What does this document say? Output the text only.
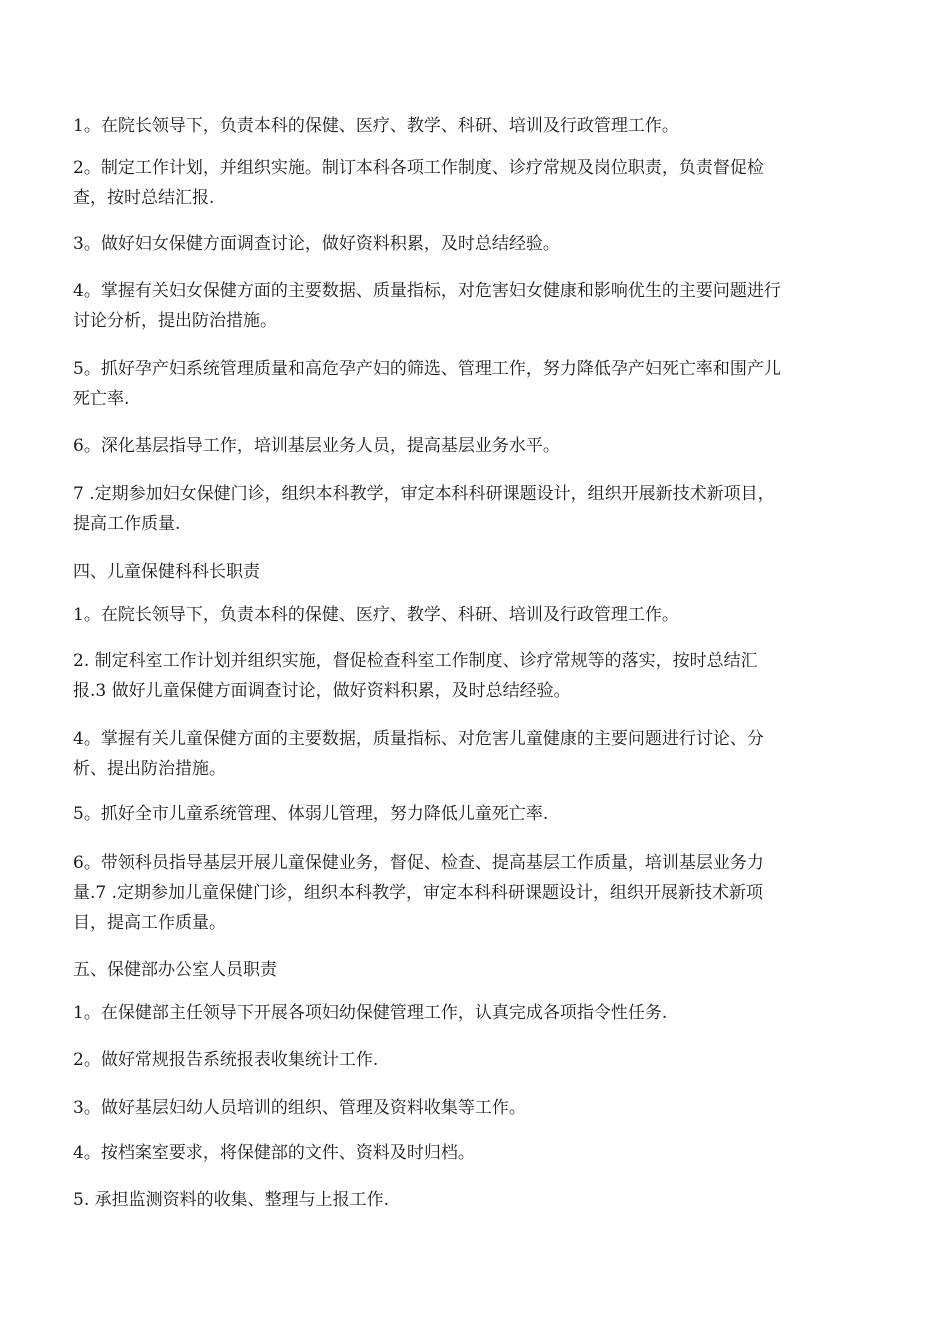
1。在院长领导下，负责本科的保健、医疗、教学、科研、培训及行政管理工作。

2。制定工作计划，并组织实施。制订本科各项工作制度、诊疗常规及岗位职责，负责督促检
查，按时总结汇报.

3。做好妇女保健方面调查讨论，做好资料积累，及时总结经验。

4。掌握有关妇女保健方面的主要数据、质量指标，对危害妇女健康和影响优生的主要问题进行
讨论分析，提出防治措施。

5。抓好孕产妇系统管理质量和高危孕产妇的筛选、管理工作，努力降低孕产妇死亡率和围产儿
死亡率.

6。深化基层指导工作，培训基层业务人员，提高基层业务水平。

7 .定期参加妇女保健门诊，组织本科教学，审定本科科研课题设计，组织开展新技术新项目，
提高工作质量.

四、儿童保健科科长职责

1。在院长领导下，负责本科的保健、医疗、教学、科研、培训及行政管理工作。

2. 制定科室工作计划并组织实施，督促检查科室工作制度、诊疗常规等的落实，按时总结汇
报.3 做好儿童保健方面调查讨论，做好资料积累，及时总结经验。

4。掌握有关儿童保健方面的主要数据，质量指标、对危害儿童健康的主要问题进行讨论、分
析、提出防治措施。

5。抓好全市儿童系统管理、体弱儿管理，努力降低儿童死亡率.

6。带领科员指导基层开展儿童保健业务，督促、检查、提高基层工作质量，培训基层业务力
量.7 .定期参加儿童保健门诊，组织本科教学，审定本科科研课题设计，组织开展新技术新项
目，提高工作质量。

五、保健部办公室人员职责

1。在保健部主任领导下开展各项妇幼保健管理工作，认真完成各项指令性任务.

2。做好常规报告系统报表收集统计工作.

3。做好基层妇幼人员培训的组织、管理及资料收集等工作。

4。按档案室要求，将保健部的文件、资料及时归档。

5. 承担监测资料的收集、整理与上报工作.
